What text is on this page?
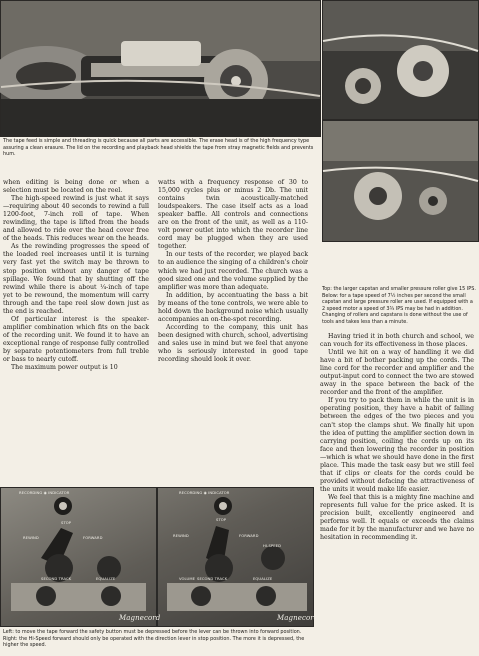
The tape feed is simple and threading is quick because all parts are accessible. The erase head is of the high frequency type assuring a clean erasure. The lid on the recording and playback head shields the tape from stray magnetic fields and prevents hum.

Top: the larger capstan and smaller pressure roller give 15 IPS. Below: for a tape speed of 7½ inches per second the small capstan and large pressure roller are used. If equipped with a 2 speed motor a speed of 3¾ IPS may be had in addition. Changing of rollers and capstans is done without the use of tools and takes less than a minute.

when editing is being done or when a selection must be located on the reel.

The high-speed rewind is just what it says—requiring about 40 seconds to rewind a full 1200-foot, 7-inch roll of tape. When rewinding, the tape is lifted from the heads and allowed to ride over the head cover free of the heads. This reduces wear on the heads.

As the rewinding progresses the speed of the loaded reel increases until it is turning very fast yet the switch may be thrown to stop position without any danger of tape spillage. We found that by shutting off the rewind while there is about ¼-inch of tape yet to be rewound, the momentum will carry through and the tape reel slow down just as the end is reached.

Of particular interest is the speaker-amplifier combination which fits on the back of the recording unit. We found it to have an exceptional range of response fully controlled by separate potentiometers from full treble or bass to nearly cutoff.

The maximum power output is 10

watts with a frequency response of 30 to 15,000 cycles plus or minus 2 Db. The unit contains twin acoustically-matched loudspeakers. The case itself acts as a load speaker baffle. All controls and connections are on the front of the unit, as well as a 110-volt power outlet into which the recorder line cord may be plugged when they are used together.

In our tests of the recorder, we played back to an audience the singing of a children's choir which we had just recorded. The church was a good sized one and the volume supplied by the amplifier was more than adequate.

In addition, by accentuating the bass a bit by means of the tone controls, we were able to hold down the background noise which usually accompanies an on-the-spot recording.

According to the company, this unit has been designed with church, school, advertising and sales use in mind but we feel that anyone who is seriously interested in good tape recording should look it over.

Having tried it in both church and school, we can vouch for its effectiveness in those places.

Until we hit on a way of handling it we did have a bit of bother packing up the cords. The line cord for the recorder and amplifier and the output-input cord to connect the two are stowed away in the space between the back of the recorder and the front of the amplifier.

If you try to pack them in while the unit is in operating position, they have a habit of falling between the edges of the two pieces and you can't stop the clamps shut. We finally hit upon the idea of putting the amplifier section down in carrying position, coiling the cords up on its face and then lowering the recorder in position—which is what we should have done in the first place. This made the task easy but we still feel that if clips or cleats for the cords could be provided without defacing the attractiveness of the units it would make life easier.

We feel that this is a mighty fine machine and represents full value for the price asked. It is precision built, excellently engineered and performs well. It equals or exceeds the claims made for it by the manufacturer and we have no hesitation in recommending it.

RECORDING ◉ INDICATOR
STOP
REWIND	FORWARD
SECOND TRACK	EQUALIZE
RECORDING ◉ INDICATOR
STOP
REWIND	FORWARD
HI-SPEED
SECOND TRACK
VOLUME	EQUALIZE
Magnecord	Magnecord

Left: to move the tape forward the safety button must be depressed before the lever can be thrown into forward position. Right: the Hi-Speed forward should only be operated with the direction lever in stop position. The more it is depressed, the higher the speed.
